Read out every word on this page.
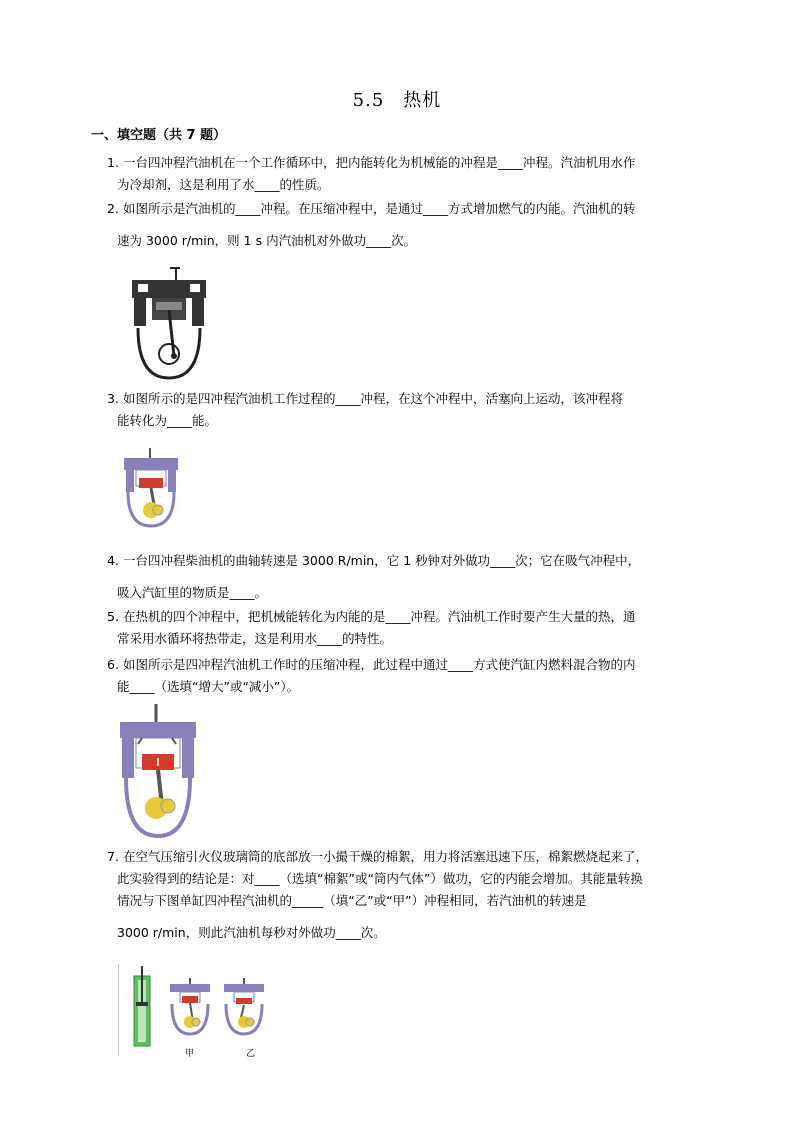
5.5　热机
一、填空题（共 7 题）
1. 一台四冲程汽油机在一个工作循环中，把内能转化为机械能的冲程是____冲程。汽油机用水作
为冷却剂，这是利用了水____的性质。
2. 如图所示是汽油机的____冲程。在压缩冲程中，是通过____方式增加燃气的内能。汽油机的转
速为 3000 r/min，则 1 s 内汽油机对外做功____次。
3. 如图所示的是四冲程汽油机工作过程的____冲程，在这个冲程中，活塞向上运动，该冲程将
能转化为____能。
4. 一台四冲程柴油机的曲轴转速是 3000 R/min，它 1 秒钟对外做功____次；它在吸气冲程中，
吸入汽缸里的物质是____。
5. 在热机的四个冲程中，把机械能转化为内能的是____冲程。汽油机工作时要产生大量的热，通
常采用水循环将热带走，这是利用水____的特性。
6. 如图所示是四冲程汽油机工作时的压缩冲程，此过程中通过____方式使汽缸内燃料混合物的内
能____（选填“增大”或“减小”）。
7. 在空气压缩引火仪玻璃筒的底部放一小撮干燥的棉絮，用力将活塞迅速下压，棉絮燃烧起来了，
此实验得到的结论是：对____（选填“棉絮”或“筒内气体”）做功，它的内能会增加。其能量转换
情况与下图单缸四冲程汽油机的_____（填“乙”或“甲”）冲程相同，若汽油机的转速是
3000 r/min，则此汽油机每秒对外做功____次。
甲	乙
